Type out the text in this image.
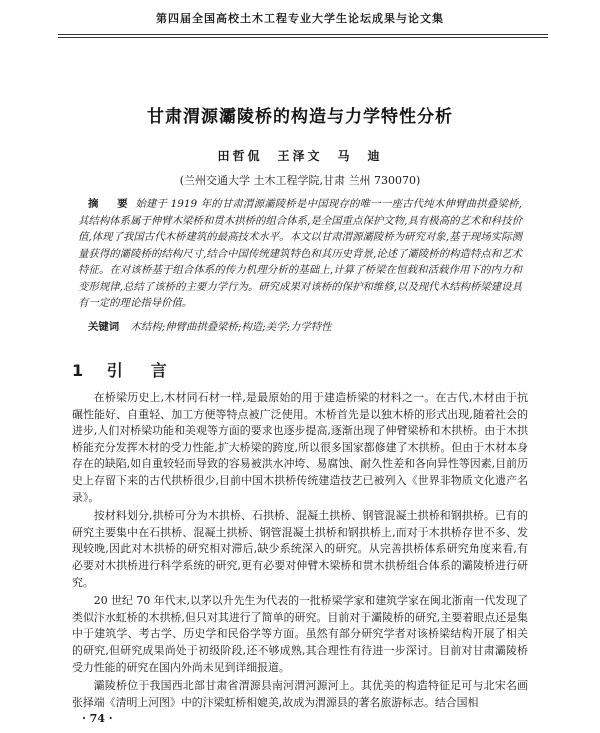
第四届全国高校土木工程专业大学生论坛成果与论文集
甘肃渭源灞陵桥的构造与力学特性分析
田哲侃　王泽文　马　迪
(兰州交通大学 土木工程学院,甘肃 兰州 730070)
摘　要 始建于 1919 年的甘肃渭源灞陵桥是中国现存的唯一一座古代纯木伸臂曲拱叠梁桥,其结构体系属于伸臂木梁桥和贯木拱桥的组合体系,是全国重点保护文物,具有极高的艺术和科技价值,体现了我国古代木桥建筑的最高技术水平。本文以甘肃渭源灞陵桥为研究对象,基于现场实际测量获得的灞陵桥的结构尺寸,结合中国传统建筑特色和其历史背景,论述了灞陵桥的构造特点和艺术特征。在对该桥基于组合体系的传力机理分析的基础上,计算了桥梁在恒载和活载作用下的内力和变形规律,总结了该桥的主要力学行为。研究成果对该桥的保护和维修,以及现代木结构桥梁建设具有一定的理论指导价值。
关键词 木结构;伸臂曲拱叠梁桥;构造;美学;力学特性
1 引　言

在桥梁历史上,木材同石材一样,是最原始的用于建造桥梁的材料之一。在古代,木材由于抗碾性能好、自重轻、加工方便等特点被广泛使用。木桥首先是以独木桥的形式出现,随着社会的进步,人们对桥梁功能和美观等方面的要求也逐步提高,逐渐出现了伸臂梁桥和木拱桥。由于木拱桥能充分发挥木材的受力性能,扩大桥梁的跨度,所以很多国家都修建了木拱桥。但由于木材本身存在的缺陷,如自重较轻而导致的容易被洪水冲垮、易腐蚀、耐久性差和各向异性等因素,目前历史上存留下来的古代拱桥很少,目前中国木拱桥传统建造技艺已被列入《世界非物质文化遗产名录》。

按材料划分,拱桥可分为木拱桥、石拱桥、混凝土拱桥、钢管混凝土拱桥和钢拱桥。已有的研究主要集中在石拱桥、混凝土拱桥、钢管混凝土拱桥和钢拱桥上,而对于木拱桥存世不多、发现较晚,因此对木拱桥的研究相对滞后,缺少系统深入的研究。从完善拱桥体系研究角度来看,有必要对木拱桥进行科学系统的研究,更有必要对伸臂木梁桥和贯木拱桥组合体系的灞陵桥进行研究。

20 世纪 70 年代末,以茅以升先生为代表的一批桥梁学家和建筑学家在闽北浙南一代发现了类似汴水虹桥的木拱桥,但只对其进行了简单的研究。目前对于灞陵桥的研究,主要着眼点还是集中于建筑学、考古学、历史学和民俗学等方面。虽然有部分研究学者对该桥梁结构开展了相关的研究,但研究成果尚处于初级阶段,还不够成熟,其合理性有待进一步深讨。目前对甘肃灞陵桥受力性能的研究在国内外尚未见到详细报道。

灞陵桥位于我国西北部甘肃省渭源县南河渭河源河上。其优美的构造特征足可与北宋名画张择端《清明上河图》中的汴梁虹桥相媲美,故成为渭源县的著名旅游标志。结合国相

· 74 ·
